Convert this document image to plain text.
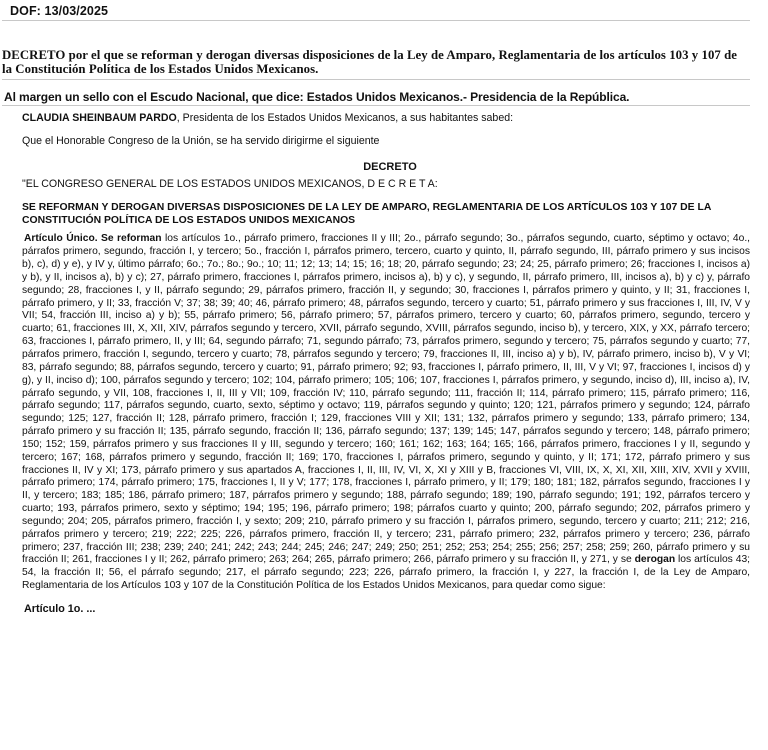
DOF: 13/03/2025
DECRETO por el que se reforman y derogan diversas disposiciones de la Ley de Amparo, Reglamentaria de los artículos 103 y 107 de la Constitución Política de los Estados Unidos Mexicanos.
Al margen un sello con el Escudo Nacional, que dice: Estados Unidos Mexicanos.- Presidencia de la República.

CLAUDIA SHEINBAUM PARDO, Presidenta de los Estados Unidos Mexicanos, a sus habitantes sabed:

Que el Honorable Congreso de la Unión, se ha servido dirigirme el siguiente

DECRETO

"EL CONGRESO GENERAL DE LOS ESTADOS UNIDOS MEXICANOS, D E C R E T A:

SE REFORMAN Y DEROGAN DIVERSAS DISPOSICIONES DE LA LEY DE AMPARO, REGLAMENTARIA DE LOS ARTÍCULOS 103 Y 107 DE LA CONSTITUCIÓN POLÍTICA DE LOS ESTADOS UNIDOS MEXICANOS

Artículo Único. Se reforman los artículos 1o., párrafo primero, fracciones II y III; 2o., párrafo segundo; 3o., párrafos segundo, cuarto, séptimo y octavo; 4o., párrafos primero, segundo, fracción I, y tercero; 5o., fracción I, párrafos primero, tercero, cuarto y quinto, II, párrafo segundo, III, párrafo primero y sus incisos b), c), d) y e), y IV y, último párrafo; 6o.; 7o.; 8o.; 9o.; 10; 11; 12; 13; 14; 15; 16; 18; 20, párrafo segundo; 23; 24; 25, párrafo primero; 26; fracciones I, incisos a) y b), y II, incisos a), b) y c); 27, párrafo primero, fracciones I, párrafos primero, incisos a), b) y c), y segundo, II, párrafo primero, III, incisos a), b) y c) y, párrafo segundo; 28, fracciones I, y II, párrafo segundo; 29, párrafos primero, fracción II, y segundo; 30, fracciones I, párrafos primero y quinto, y II; 31, fracciones I, párrafo primero, y II; 33, fracción V; 37; 38; 39; 40; 46, párrafo primero; 48, párrafos segundo, tercero y cuarto; 51, párrafo primero y sus fracciones I, III, IV, V y VII; 54, fracción III, inciso a) y b); 55, párrafo primero; 56, párrafo primero; 57, párrafos primero, tercero y cuarto; 60, párrafos primero, segundo, tercero y cuarto; 61, fracciones III, X, XII, XIV, párrafos segundo y tercero, XVII, párrafo segundo, XVIII, párrafos segundo, inciso b), y tercero, XIX, y XX, párrafo tercero; 63, fracciones I, párrafo primero, II, y III; 64, segundo párrafo; 71, segundo párrafo; 73, párrafos primero, segundo y tercero; 75, párrafos segundo y cuarto; 77, párrafos primero, fracción I, segundo, tercero y cuarto; 78, párrafos segundo y tercero; 79, fracciones II, III, inciso a) y b), IV, párrafo primero, inciso b), V y VI; 83, párrafo segundo; 88, párrafos segundo, tercero y cuarto; 91, párrafo primero; 92; 93, fracciones I, párrafo primero, II, III, V y VI; 97, fracciones I, incisos d) y g), y II, inciso d); 100, párrafos segundo y tercero; 102; 104, párrafo primero; 105; 106; 107, fracciones I, párrafos primero, y segundo, inciso d), III, inciso a), IV, párrafo segundo, y VII, 108, fracciones I, II, III y VII; 109, fracción IV; 110, párrafo segundo; 111, fracción II; 114, párrafo primero; 115, párrafo primero; 116, párrafo segundo; 117, párrafos segundo, cuarto, sexto, séptimo y octavo; 119, párrafos segundo y quinto; 120; 121, párrafos primero y segundo; 124, párrafo segundo; 125; 127, fracción II; 128, párrafo primero, fracción I; 129, fracciones VIII y XII; 131; 132, párrafos primero y segundo; 133, párrafo primero; 134, párrafo primero y su fracción II; 135, párrafo segundo, fracción II; 136, párrafo segundo; 137; 139; 145; 147, párrafos segundo y tercero; 148, párrafo primero; 150; 152; 159, párrafos primero y sus fracciones II y III, segundo y tercero; 160; 161; 162; 163; 164; 165; 166, párrafos primero, fracciones I y II, segundo y tercero; 167; 168, párrafos primero y segundo, fracción II; 169; 170, fracciones I, párrafos primero, segundo y quinto, y II; 171; 172, párrafo primero y sus fracciones II, IV y XI; 173, párrafo primero y sus apartados A, fracciones I, II, III, IV, VI, X, XI y XIII y B, fracciones VI, VIII, IX, X, XI, XII, XIII, XIV, XVII y XVIII, párrafo primero; 174, párrafo primero; 175, fracciones I, II y V; 177; 178, fracciones I, párrafo primero, y II; 179; 180; 181; 182, párrafos segundo, fracciones I y II, y tercero; 183; 185; 186, párrafo primero; 187, párrafos primero y segundo; 188, párrafo segundo; 189; 190, párrafo segundo; 191; 192, párrafos tercero y cuarto; 193, párrafos primero, sexto y séptimo; 194; 195; 196, párrafo primero; 198; párrafos cuarto y quinto; 200, párrafo segundo; 202, párrafos primero y segundo; 204; 205, párrafos primero, fracción I, y sexto; 209; 210, párrafo primero y su fracción I, párrafos primero, segundo, tercero y cuarto; 211; 212; 216, párrafos primero y tercero; 219; 222; 225; 226, párrafos primero, fracción II, y tercero; 231, párrafo primero; 232, párrafos primero y tercero; 236, párrafo primero; 237, fracción III; 238; 239; 240; 241; 242; 243; 244; 245; 246; 247; 249; 250; 251; 252; 253; 254; 255; 256; 257; 258; 259; 260, párrafo primero y su fracción II; 261, fracciones I y II; 262, párrafo primero; 263; 264; 265, párrafo primero; 266, párrafo primero y su fracción II, y 271, y se derogan los artículos 43; 54, la fracción II; 56, el párrafo segundo; 217, el párrafo segundo; 223; 226, párrafo primero, la fracción I, y 227, la fracción I, de la Ley de Amparo, Reglamentaria de los Artículos 103 y 107 de la Constitución Política de los Estados Unidos Mexicanos, para quedar como sigue:

Artículo 1o. ...
